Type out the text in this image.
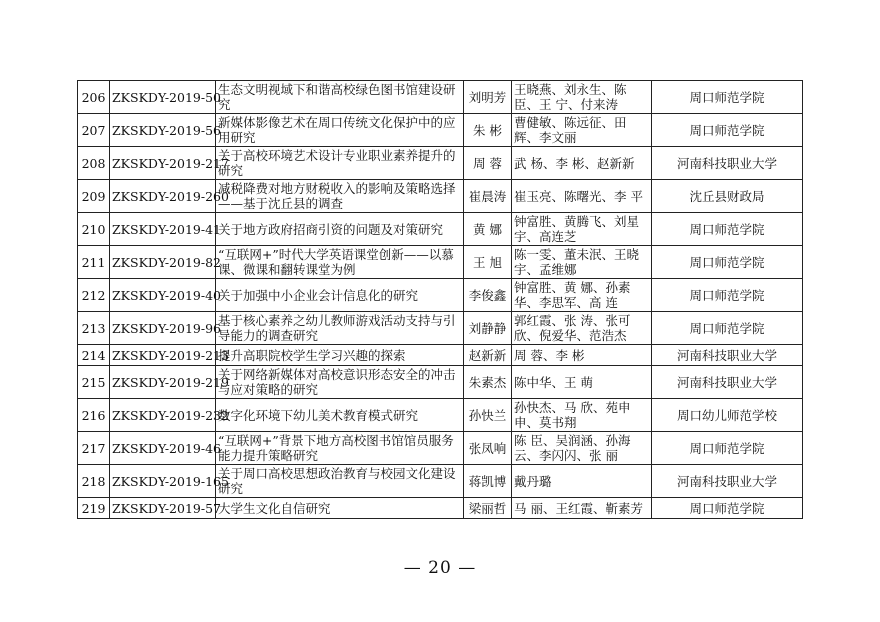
206	ZKSKDY-2019-50	生态文明视域下和谐高校绿色图书馆建设研究	刘明芳	王晓燕、刘永生、陈 臣、王 宁、付来涛	周口师范学院
207	ZKSKDY-2019-56	新媒体影像艺术在周口传统文化保护中的应用研究	朱 彬	曹健敏、陈远征、田 辉、李文丽	周口师范学院
208	ZKSKDY-2019-217	关于高校环境艺术设计专业职业素养提升的研究	周 蓉	武 杨、李 彬、赵新新	河南科技职业大学
209	ZKSKDY-2019-260	减税降费对地方财税收入的影响及策略选择——基于沈丘县的调查	崔晨涛	崔玉亮、陈曙光、李 平	沈丘县财政局
210	ZKSKDY-2019-41	关于地方政府招商引资的问题及对策研究	黄 娜	钟富胜、黄腾飞、刘星宇、高连芝	周口师范学院
211	ZKSKDY-2019-82	“互联网+”时代大学英语课堂创新——以慕课、微课和翻转课堂为例	王 旭	陈一雯、董未泯、王晓宇、孟维娜	周口师范学院
212	ZKSKDY-2019-40	关于加强中小企业会计信息化的研究	李俊鑫	钟富胜、黄 娜、孙素华、李思军、高 连	周口师范学院
213	ZKSKDY-2019-96	基于核心素养之幼儿教师游戏活动支持与引导能力的调查研究	刘静静	郭红霞、张 涛、张可欣、倪爱华、范浩杰	周口师范学院
214	ZKSKDY-2019-213	提升高职院校学生学习兴趣的探索	赵新新	周 蓉、李 彬	河南科技职业大学
215	ZKSKDY-2019-219	关于网络新媒体对高校意识形态安全的冲击与应对策略的研究	朱素杰	陈中华、王 萌	河南科技职业大学
216	ZKSKDY-2019-232	数字化环境下幼儿美术教育模式研究	孙快兰	孙快杰、马 欣、苑申申、莫书翔	周口幼儿师范学校
217	ZKSKDY-2019-46	“互联网+”背景下地方高校图书馆馆员服务能力提升策略研究	张凤响	陈 臣、吴润涵、孙海云、李闪闪、张 丽	周口师范学院
218	ZKSKDY-2019-165	关于周口高校思想政治教育与校园文化建设研究	蒋凯博	戴丹璐	河南科技职业大学
219	ZKSKDY-2019-57	大学生文化自信研究	梁丽哲	马 丽、王红霞、靳素芳	周口师范学院
— 20 —
